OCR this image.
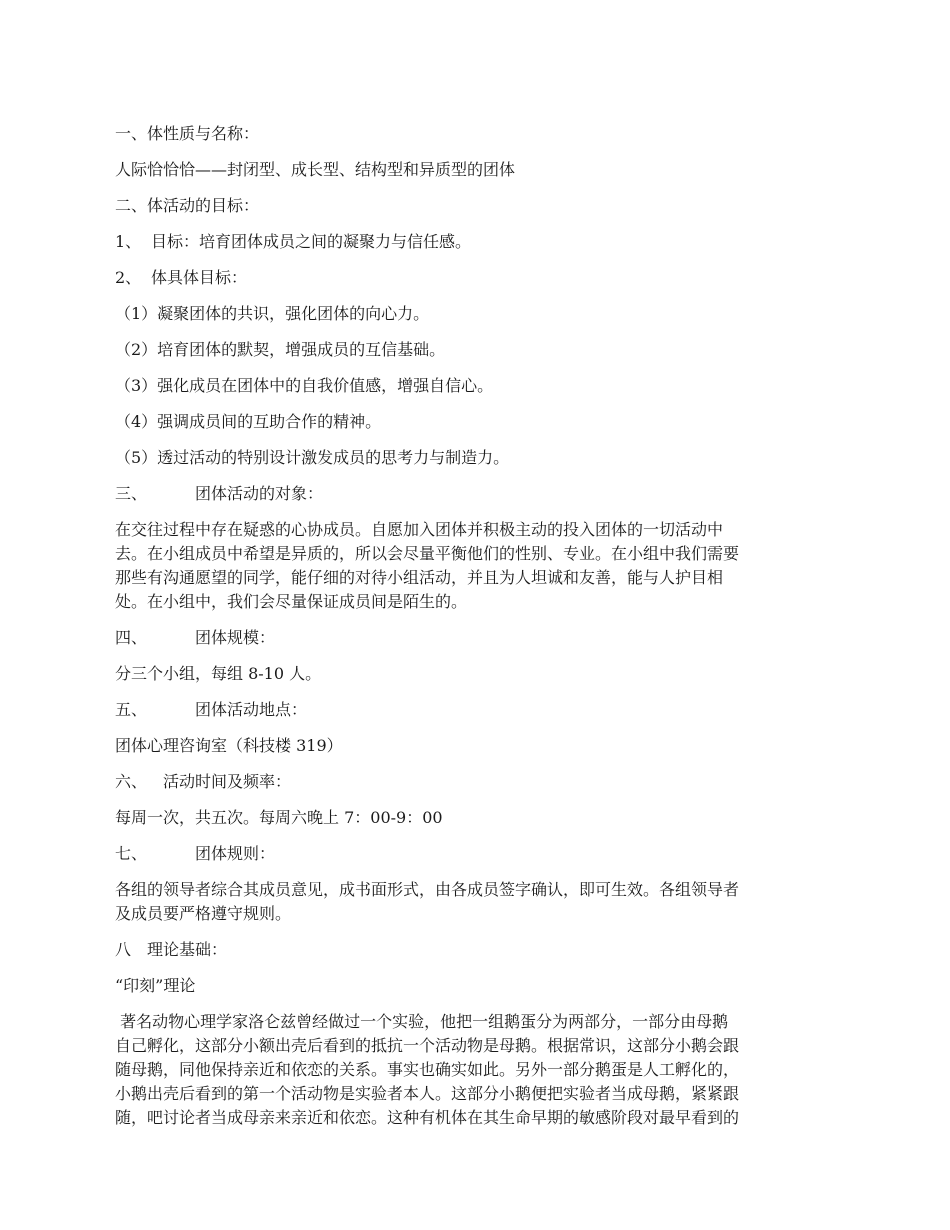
一、体性质与名称：
人际恰恰恰——封闭型、成长型、结构型和异质型的团体
二、体活动的目标：
1、 目标：培育团体成员之间的凝聚力与信任感。
2、 体具体目标：
（1）凝聚团体的共识，强化团体的向心力。
（2）培育团体的默契，增强成员的互信基础。
（3）强化成员在团体中的自我价值感，增强自信心。
（4）强调成员间的互助合作的精神。
（5）透过活动的特别设计激发成员的思考力与制造力。
三、	团体活动的对象：
在交往过程中存在疑惑的心协成员。自愿加入团体并积极主动的投入团体的一切活动中
去。在小组成员中希望是异质的，所以会尽量平衡他们的性别、专业。在小组中我们需要
那些有沟通愿望的同学，能仔细的对待小组活动，并且为人坦诚和友善，能与人护目相
处。在小组中，我们会尽量保证成员间是陌生的。
四、	团体规模：
分三个小组，每组 8-10 人。
五、	团体活动地点：
团体心理咨询室（科技楼 319）
六、 活动时间及频率：
每周一次，共五次。每周六晚上 7：00-9：00
七、	团体规则：
各组的领导者综合其成员意见，成书面形式，由各成员签字确认，即可生效。各组领导者
及成员要严格遵守规则。
八 理论基础：
“印刻”理论
著名动物心理学家洛仑兹曾经做过一个实验，他把一组鹅蛋分为两部分，一部分由母鹅
自己孵化，这部分小额出壳后看到的抵抗一个活动物是母鹅。根据常识，这部分小鹅会跟
随母鹅，同他保持亲近和依恋的关系。事实也确实如此。另外一部分鹅蛋是人工孵化的，
小鹅出壳后看到的第一个活动物是实验者本人。这部分小鹅便把实验者当成母鹅，紧紧跟
随，吧讨论者当成母亲来亲近和依恋。这种有机体在其生命早期的敏感阶段对最早看到的
